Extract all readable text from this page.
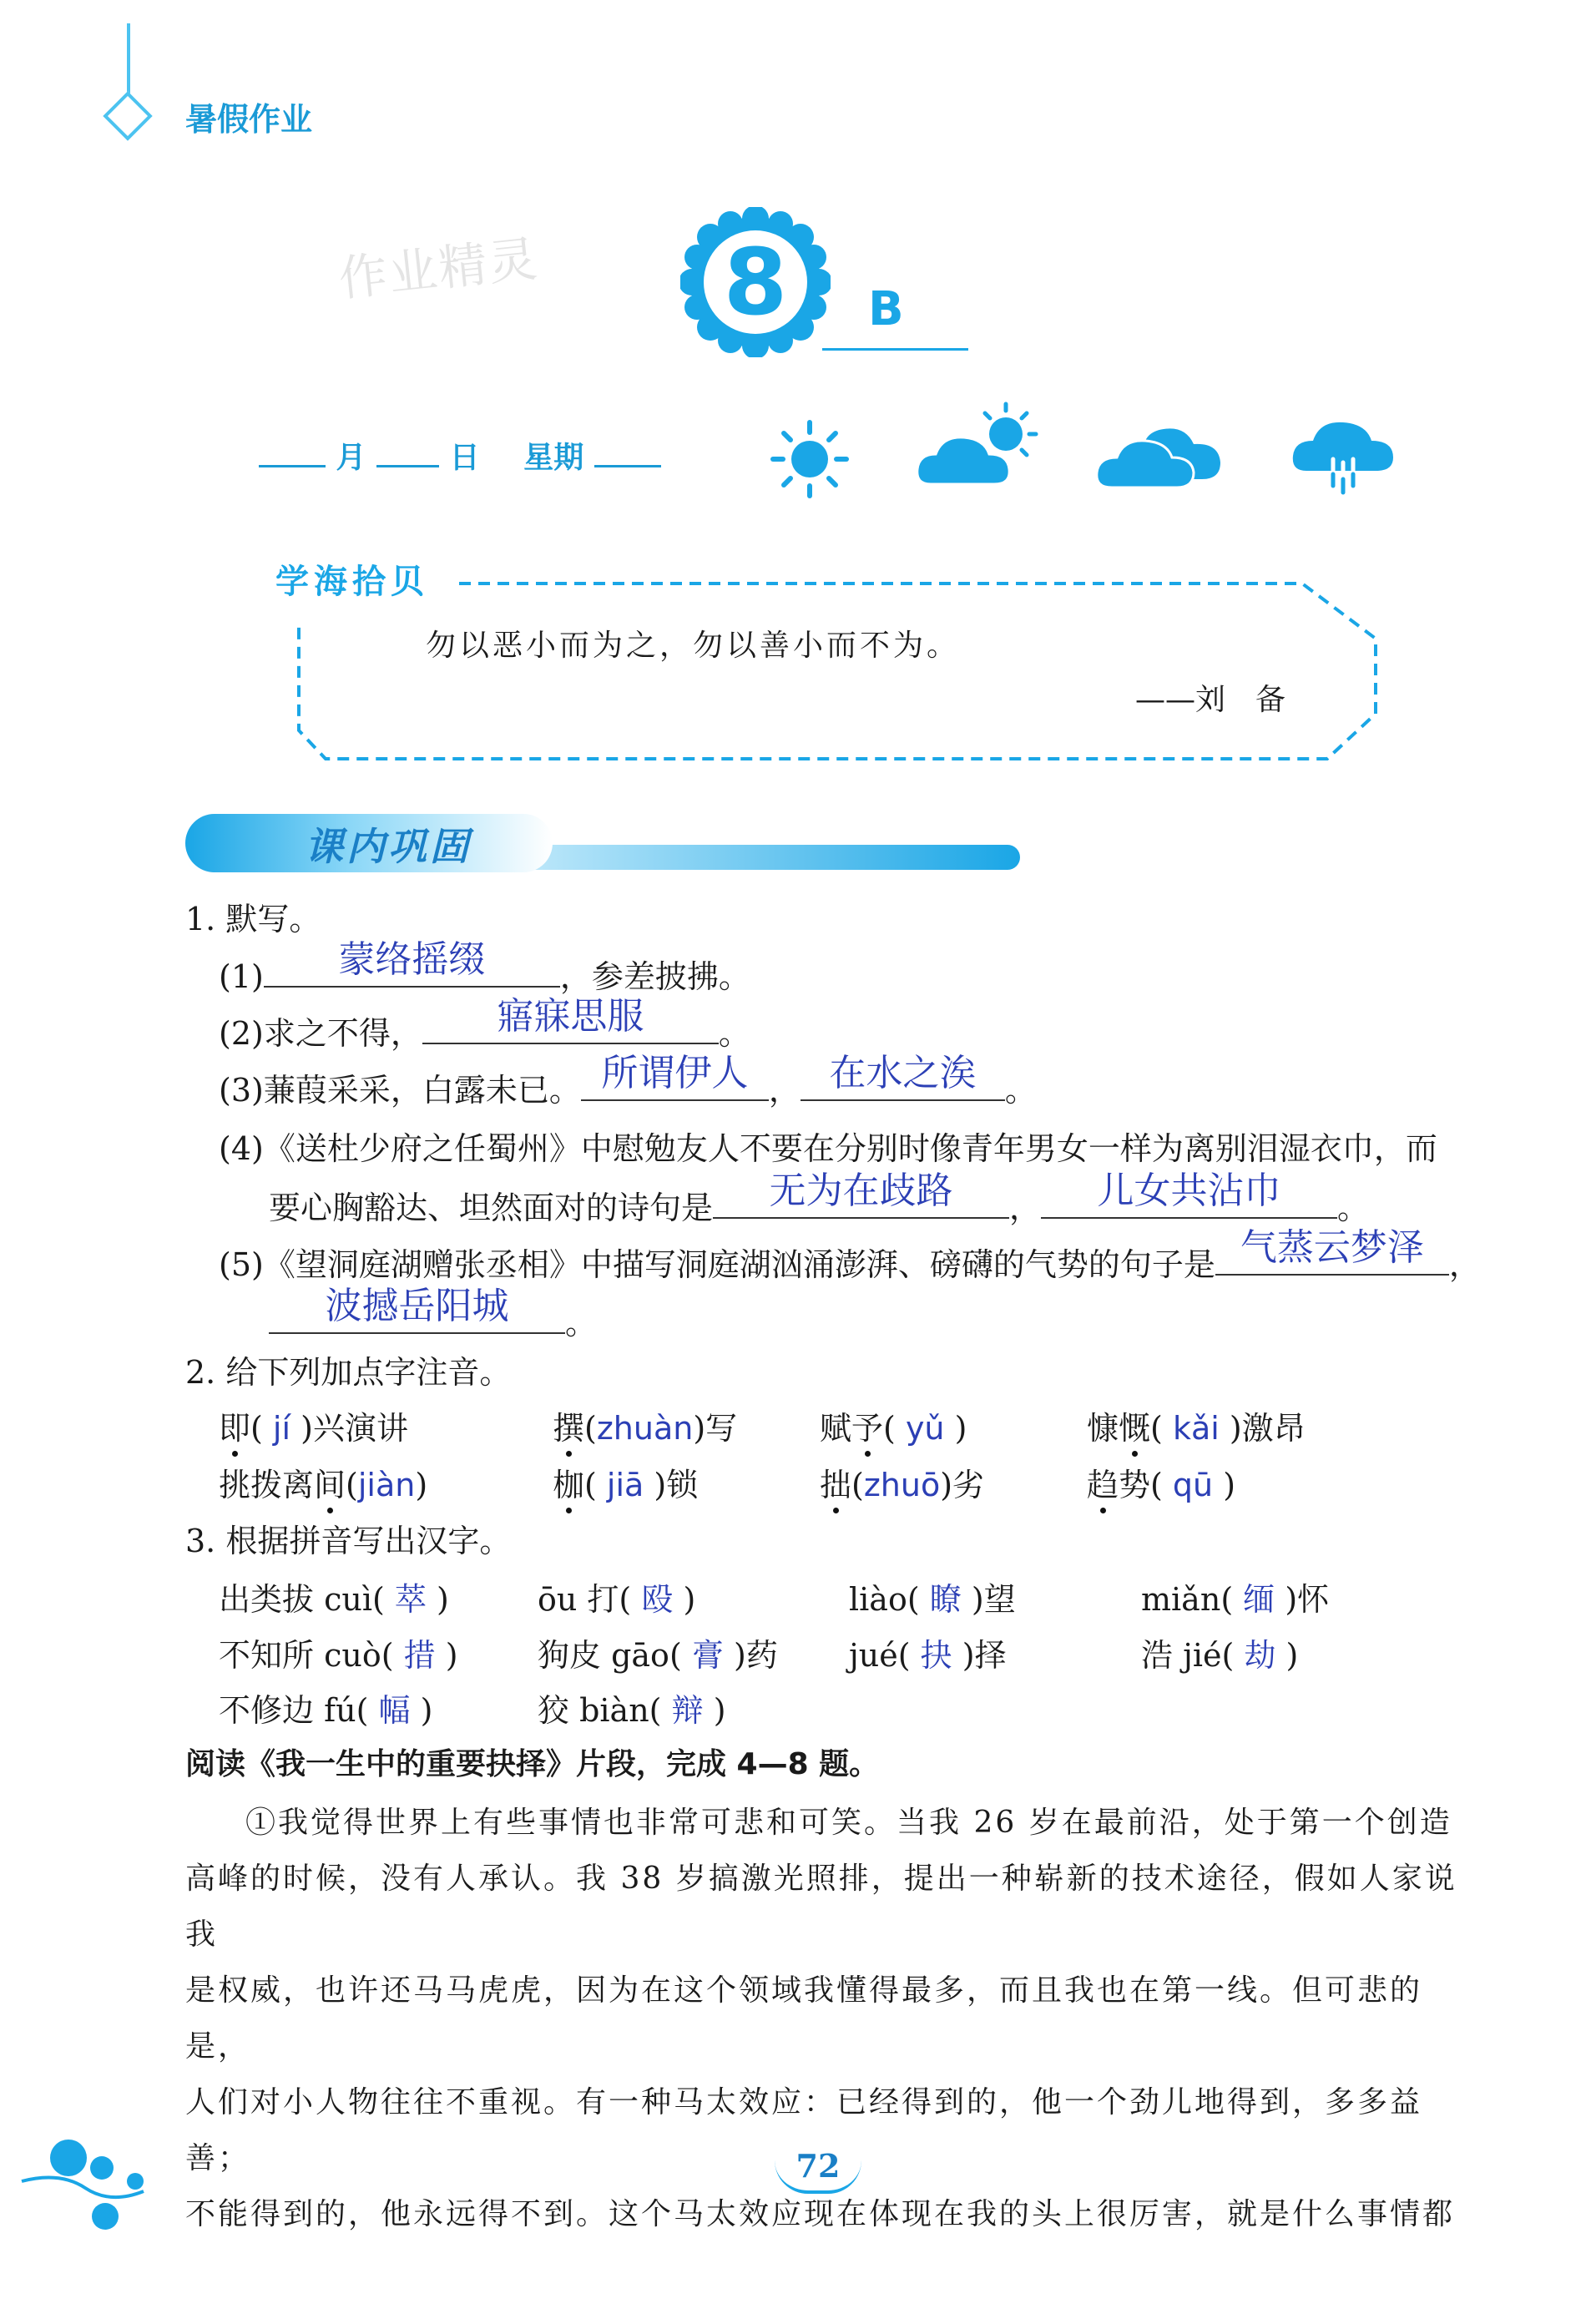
暑假作业
作业精灵	8	B
月	日 星期
学海拾贝
勿以恶小而为之，勿以善小而不为。
——刘　备
课内巩固
1. 默写。
(1)	蒙络摇缀	，参差披拂。
(2)求之不得，	寤寐思服	。
(3)蒹葭采采，白露未已。 所谓伊人 ， 在水之涘 。
(4)《送杜少府之任蜀州》中慰勉友人不要在分别时像青年男女一样为离别泪湿衣巾，而
要心胸豁达、坦然面对的诗句是	无为在歧路	，	儿女共沾巾	。
(5)《望洞庭湖赠张丞相》中描写洞庭湖汹涌澎湃、磅礴的气势的句子是 气蒸云梦泽 ，
波撼岳阳城	。
2. 给下列加点字注音。
即( jí )兴演讲	撰(zhuàn)写	赋予( yǔ )	慷慨( kǎi )激昂
挑拨离间(jiàn)	枷( jiā )锁	拙(zhuō)劣	趋势( qū )
3. 根据拼音写出汉字。
出类拔 cuì( 萃 )	ōu 打( 殴 )	liào( 瞭 )望	miǎn( 缅 )怀
不知所 cuò( 措 )	狗皮 gāo( 膏 )药 jué( 抉 )择	浩 jié( 劫 )
不修边 fú( 幅 )	狡 biàn( 辩 )
阅读《我一生中的重要抉择》片段，完成 4—8 题。
①我觉得世界上有些事情也非常可悲和可笑。当我 26 岁在最前沿，处于第一个创造
高峰的时候，没有人承认。我 38 岁搞激光照排，提出一种崭新的技术途径，假如人家说我
是权威，也许还马马虎虎，因为在这个领域我懂得最多，而且我也在第一线。但可悲的是，
人们对小人物往往不重视。有一种马太效应：已经得到的，他一个劲儿地得到，多多益善；
不能得到的，他永远得不到。这个马太效应现在体现在我的头上很厉害，就是什么事情都
72
